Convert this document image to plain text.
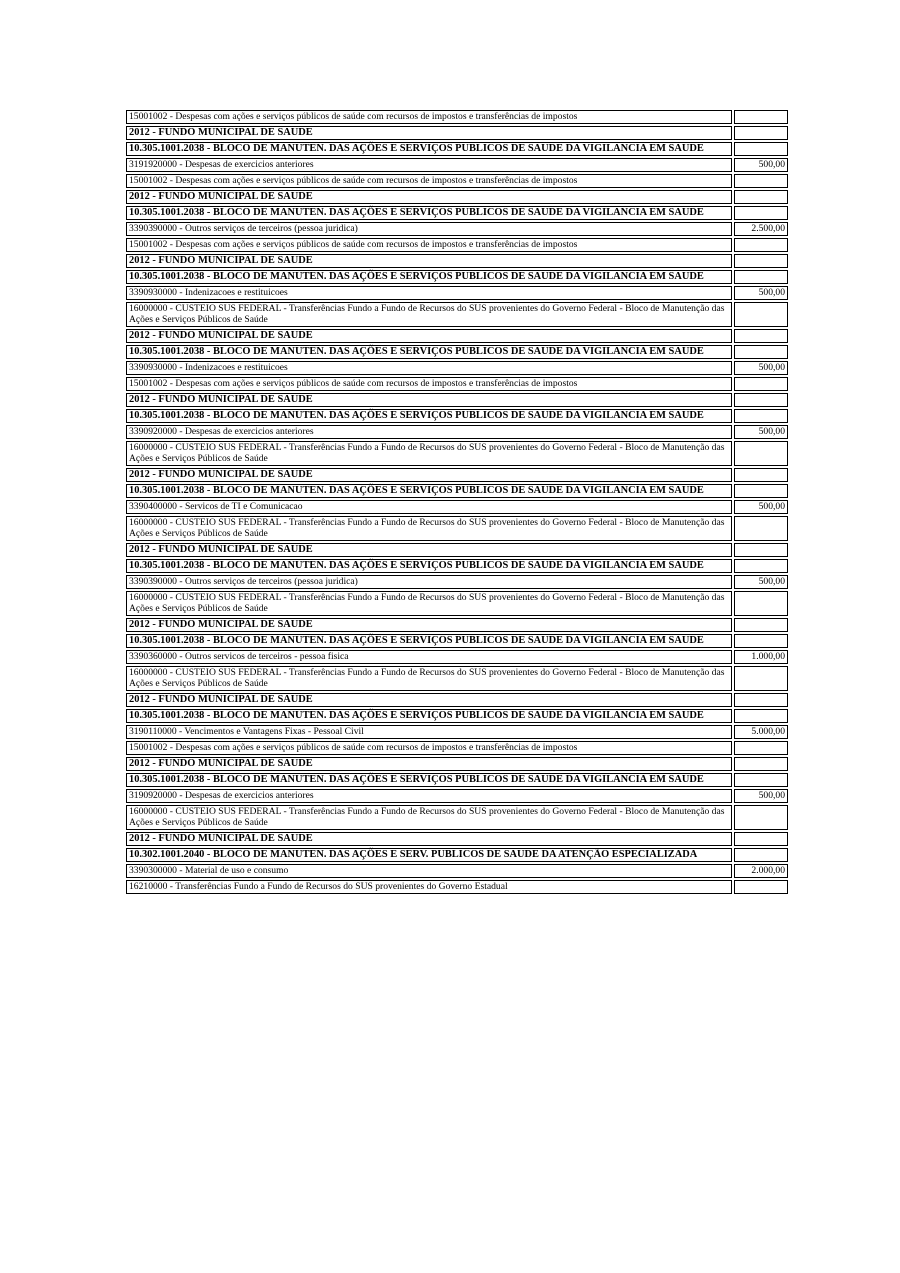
15001002 - Despesas com ações e serviços públicos de saúde com recursos de impostos e transferências de impostos	
2012 - FUNDO MUNICIPAL DE SAUDE	
10.305.1001.2038 - BLOCO DE MANUTEN. DAS AÇÕES E SERVIÇOS PUBLICOS DE SAUDE DA VIGILANCIA EM SAUDE	
3191920000 - Despesas de exercicios anteriores	500,00
15001002 - Despesas com ações e serviços públicos de saúde com recursos de impostos e transferências de impostos	
2012 - FUNDO MUNICIPAL DE SAUDE	
10.305.1001.2038 - BLOCO DE MANUTEN. DAS AÇÕES E SERVIÇOS PUBLICOS DE SAUDE DA VIGILANCIA EM SAUDE	
3390390000 - Outros serviços de terceiros (pessoa juridica)	2.500,00
15001002 - Despesas com ações e serviços públicos de saúde com recursos de impostos e transferências de impostos	
2012 - FUNDO MUNICIPAL DE SAUDE	
10.305.1001.2038 - BLOCO DE MANUTEN. DAS AÇÕES E SERVIÇOS PUBLICOS DE SAUDE DA VIGILANCIA EM SAUDE	
3390930000 - Indenizacoes e restituicoes	500,00
16000000 - CUSTEIO SUS FEDERAL - Transferências Fundo a Fundo de Recursos do SUS provenientes do Governo Federal - Bloco de Manutenção das Ações e Serviços Públicos de Saúde	
2012 - FUNDO MUNICIPAL DE SAUDE	
10.305.1001.2038 - BLOCO DE MANUTEN. DAS AÇÕES E SERVIÇOS PUBLICOS DE SAUDE DA VIGILANCIA EM SAUDE	
3390930000 - Indenizacoes e restituicoes	500,00
15001002 - Despesas com ações e serviços públicos de saúde com recursos de impostos e transferências de impostos	
2012 - FUNDO MUNICIPAL DE SAUDE	
10.305.1001.2038 - BLOCO DE MANUTEN. DAS AÇÕES E SERVIÇOS PUBLICOS DE SAUDE DA VIGILANCIA EM SAUDE	
3390920000 - Despesas de exercicios anteriores	500,00
16000000 - CUSTEIO SUS FEDERAL - Transferências Fundo a Fundo de Recursos do SUS provenientes do Governo Federal - Bloco de Manutenção das Ações e Serviços Públicos de Saúde	
2012 - FUNDO MUNICIPAL DE SAUDE	
10.305.1001.2038 - BLOCO DE MANUTEN. DAS AÇÕES E SERVIÇOS PUBLICOS DE SAUDE DA VIGILANCIA EM SAUDE	
3390400000 - Servicos de TI e Comunicacao	500,00
16000000 - CUSTEIO SUS FEDERAL - Transferências Fundo a Fundo de Recursos do SUS provenientes do Governo Federal - Bloco de Manutenção das Ações e Serviços Públicos de Saúde	
2012 - FUNDO MUNICIPAL DE SAUDE	
10.305.1001.2038 - BLOCO DE MANUTEN. DAS AÇÕES E SERVIÇOS PUBLICOS DE SAUDE DA VIGILANCIA EM SAUDE	
3390390000 - Outros serviços de terceiros (pessoa juridica)	500,00
16000000 - CUSTEIO SUS FEDERAL - Transferências Fundo a Fundo de Recursos do SUS provenientes do Governo Federal - Bloco de Manutenção das Ações e Serviços Públicos de Saúde	
2012 - FUNDO MUNICIPAL DE SAUDE	
10.305.1001.2038 - BLOCO DE MANUTEN. DAS AÇÕES E SERVIÇOS PUBLICOS DE SAUDE DA VIGILANCIA EM SAUDE	
3390360000 - Outros servicos de terceiros - pessoa fisica	1.000,00
16000000 - CUSTEIO SUS FEDERAL - Transferências Fundo a Fundo de Recursos do SUS provenientes do Governo Federal - Bloco de Manutenção das Ações e Serviços Públicos de Saúde	
2012 - FUNDO MUNICIPAL DE SAUDE	
10.305.1001.2038 - BLOCO DE MANUTEN. DAS AÇÕES E SERVIÇOS PUBLICOS DE SAUDE DA VIGILANCIA EM SAUDE	
3190110000 - Vencimentos e Vantagens Fixas - Pessoal Civil	5.000,00
15001002 - Despesas com ações e serviços públicos de saúde com recursos de impostos e transferências de impostos	
2012 - FUNDO MUNICIPAL DE SAUDE	
10.305.1001.2038 - BLOCO DE MANUTEN. DAS AÇÕES E SERVIÇOS PUBLICOS DE SAUDE DA VIGILANCIA EM SAUDE	
3190920000 - Despesas de exercicios anteriores	500,00
16000000 - CUSTEIO SUS FEDERAL - Transferências Fundo a Fundo de Recursos do SUS provenientes do Governo Federal - Bloco de Manutenção das Ações e Serviços Públicos de Saúde	
2012 - FUNDO MUNICIPAL DE SAUDE	
10.302.1001.2040 - BLOCO DE MANUTEN. DAS AÇÕES E SERV. PUBLICOS DE SAUDE DA ATENÇÃO ESPECIALIZADA	
3390300000 - Material de uso e consumo	2.000,00
16210000 - Transferências Fundo a Fundo de Recursos do SUS provenientes do Governo Estadual	
